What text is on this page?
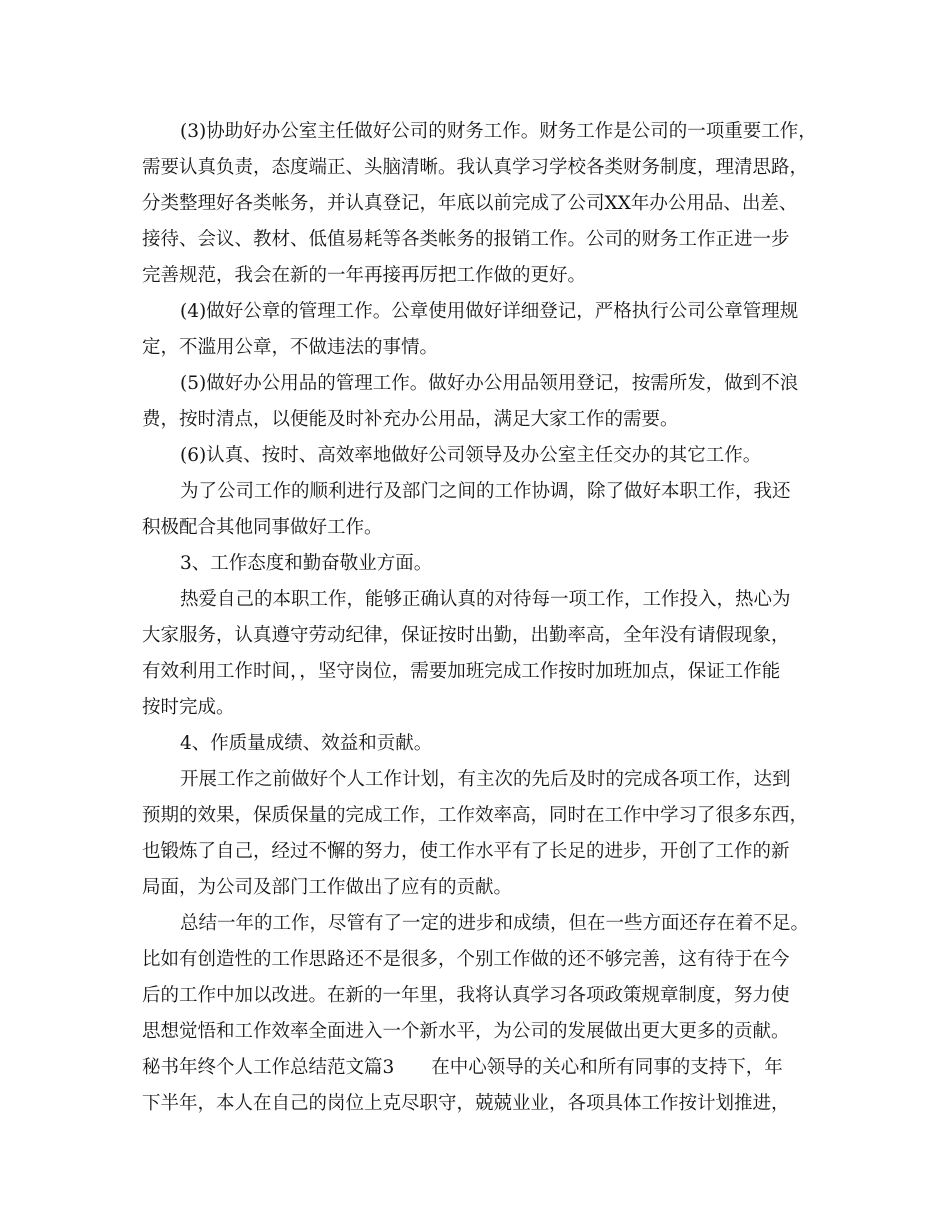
(3)协助好办公室主任做好公司的财务工作。财务工作是公司的一项重要工作，

需要认真负责，态度端正、头脑清晰。我认真学习学校各类财务制度，理清思路，

分类整理好各类帐务，并认真登记，年底以前完成了公司XX年办公用品、出差、

接待、会议、教材、低值易耗等各类帐务的报销工作。公司的财务工作正进一步

完善规范，我会在新的一年再接再厉把工作做的更好。

(4)做好公章的管理工作。公章使用做好详细登记，严格执行公司公章管理规

定，不滥用公章，不做违法的事情。

(5)做好办公用品的管理工作。做好办公用品领用登记，按需所发，做到不浪

费，按时清点，以便能及时补充办公用品，满足大家工作的需要。

(6)认真、按时、高效率地做好公司领导及办公室主任交办的其它工作。

为了公司工作的顺利进行及部门之间的工作协调，除了做好本职工作，我还

积极配合其他同事做好工作。

3、工作态度和勤奋敬业方面。

热爱自己的本职工作，能够正确认真的对待每一项工作，工作投入，热心为

大家服务，认真遵守劳动纪律，保证按时出勤，出勤率高，全年没有请假现象，

有效利用工作时间，，坚守岗位，需要加班完成工作按时加班加点，保证工作能

按时完成。

4、作质量成绩、效益和贡献。

开展工作之前做好个人工作计划，有主次的先后及时的完成各项工作，达到

预期的效果，保质保量的完成工作，工作效率高，同时在工作中学习了很多东西，

也锻炼了自己，经过不懈的努力，使工作水平有了长足的进步，开创了工作的新

局面，为公司及部门工作做出了应有的贡献。

总结一年的工作，尽管有了一定的进步和成绩，但在一些方面还存在着不足。

比如有创造性的工作思路还不是很多，个别工作做的还不够完善，这有待于在今

后的工作中加以改进。在新的一年里，我将认真学习各项政策规章制度，努力使

思想觉悟和工作效率全面进入一个新水平，为公司的发展做出更大更多的贡献。

秘书年终个人工作总结范文篇3　　在中心领导的关心和所有同事的支持下，年

下半年，本人在自己的岗位上克尽职守，兢兢业业，各项具体工作按计划推进，
